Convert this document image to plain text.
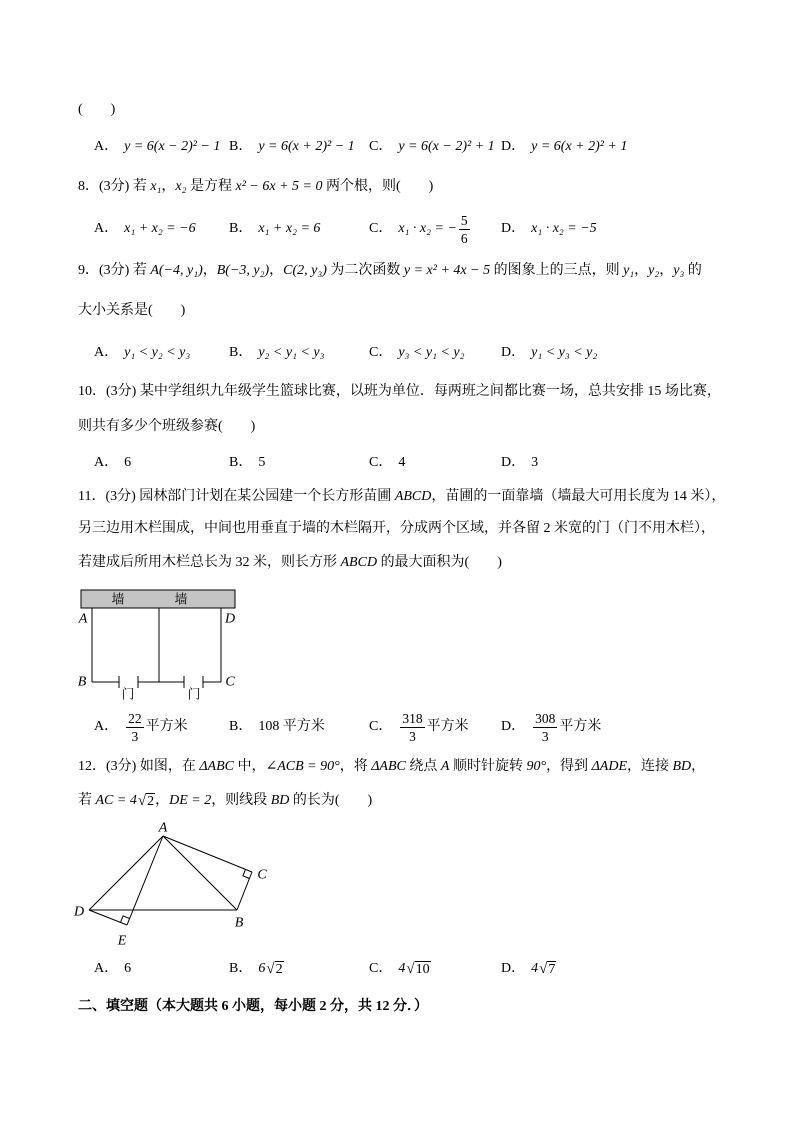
(　　)
A． y = 6(x − 2)² − 1 B． y = 6(x + 2)² − 1 C． y = 6(x − 2)² + 1 D． y = 6(x + 2)² + 1
8．(3分) 若 x₁ ， x₂ 是方程 x² − 6x + 5 = 0 两个根，则(　　)
A． x₁ + x₂ = −6 B． x₁ + x₂ = 6	C． x₁ · x₂ = − $\frac{5}{6}$ D． x₁ · x₂ = −5
9．(3分) 若 A(−4, y₁) ， B(−3, y₂) ， C(2, y₃) 为二次函数 y = x² + 4x − 5 的图象上的三点，则 y₁ ， y₂ ， y₃ 的
大小关系是(　　)
A． y₁ < y₂ < y₃	B． y₂ < y₁ < y₃	C． y₃ < y₁ < y₂	D． y₁ < y₃ < y₂
10．(3分) 某中学组织九年级学生篮球比赛，以班为单位．每两班之间都比赛一场，总共安排 15 场比赛，
则共有多少个班级参赛(　　)
A． 6	B． 5	C． 4	D． 3
11．(3分) 园林部门计划在某公园建一个长方形苗圃 ABCD ，苗圃的一面靠墙（墙最大可用长度为 14 米），
另三边用木栏围成，中间也用垂直于墙的木栏隔开，分成两个区域，并各留 2 米宽的门（门不用木栏），
若建成后所用木栏总长为 32 米，则长方形 ABCD 的最大面积为(　　)
墙	墙
门	门
A	D
B	C
A． $\frac{22}{3}$ 平方米	B． 108 平方米	C． $\frac{318}{3}$ 平方米 D． $\frac{308}{3}$ 平方米
12．(3分) 如图，在 ΔABC 中， ∠ACB = 90° ，将 ΔABC 绕点 A 顺时针旋转 90° ，得到 ΔADE ，连接 BD ，
若 AC = 4 √ 2 ， DE = 2 ，则线段 BD 的长为(　　)
A
C
D
B
E
A． 6	B． 6 √ 2	C． 4 √ 10	D． 4 √ 7
二、填空题（本大题共 6 小题，每小题 2 分，共 12 分．）
